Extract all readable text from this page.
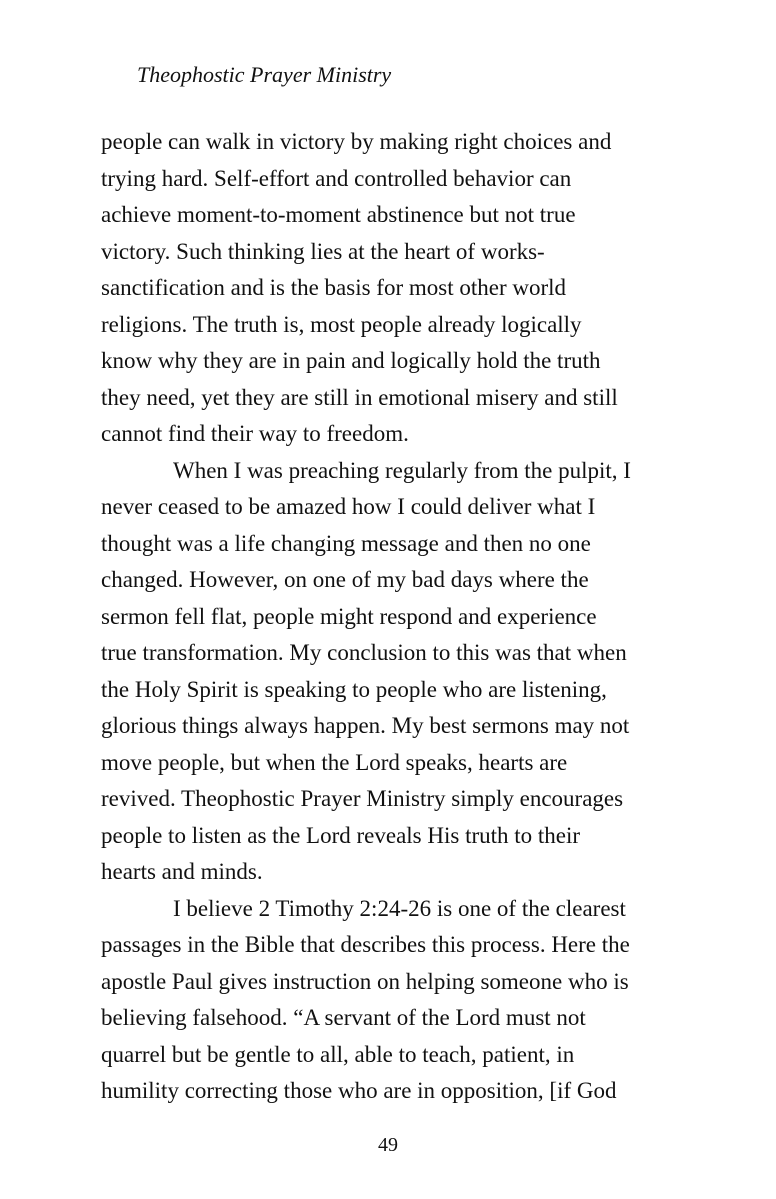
Theophostic Prayer Ministry
people can walk in victory by making right choices and
trying hard. Self-effort and controlled behavior can
achieve moment-to-moment abstinence but not true
victory. Such thinking lies at the heart of works-
sanctification and is the basis for most other world
religions. The truth is, most people already logically
know why they are in pain and logically hold the truth
they need, yet they are still in emotional misery and still
cannot find their way to freedom.
When I was preaching regularly from the pulpit, I
never ceased to be amazed how I could deliver what I
thought was a life changing message and then no one
changed. However, on one of my bad days where the
sermon fell flat, people might respond and experience
true transformation. My conclusion to this was that when
the Holy Spirit is speaking to people who are listening,
glorious things always happen. My best sermons may not
move people, but when the Lord speaks, hearts are
revived. Theophostic Prayer Ministry simply encourages
people to listen as the Lord reveals His truth to their
hearts and minds.
I believe 2 Timothy 2:24-26 is one of the clearest
passages in the Bible that describes this process. Here the
apostle Paul gives instruction on helping someone who is
believing falsehood. “A servant of the Lord must not
quarrel but be gentle to all, able to teach, patient, in
humility correcting those who are in opposition, [if God
49
